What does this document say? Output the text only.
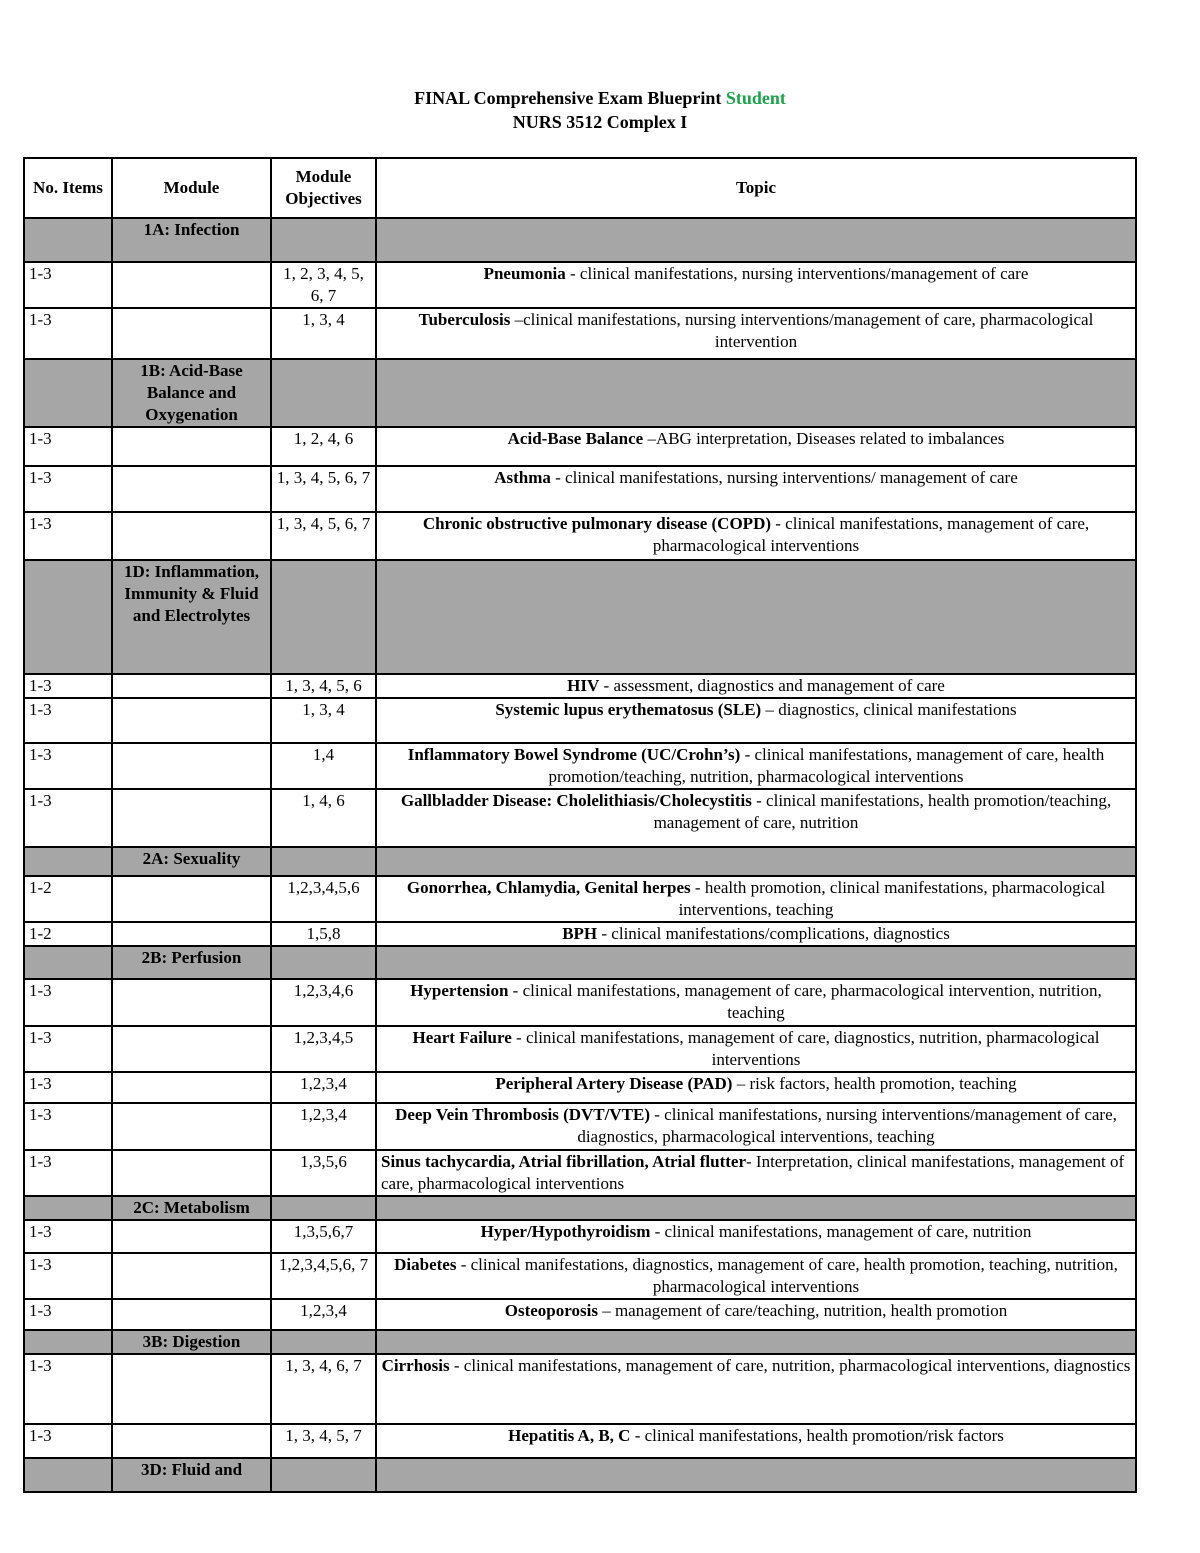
FINAL Comprehensive Exam Blueprint Student
NURS 3512 Complex I
No. Items	Module	Module Objectives	Topic
	1A: Infection		
1-3		1, 2, 3, 4, 5, 6, 7	Pneumonia - clinical manifestations, nursing interventions/management of care
1-3		1, 3, 4	Tuberculosis –clinical manifestations, nursing interventions/management of care, pharmacological intervention
	1B: Acid-Base Balance and Oxygenation		
1-3		1, 2, 4, 6	Acid-Base Balance –ABG interpretation, Diseases related to imbalances
1-3		1, 3, 4, 5, 6, 7	Asthma - clinical manifestations, nursing interventions/ management of care
1-3		1, 3, 4, 5, 6, 7	Chronic obstructive pulmonary disease (COPD) - clinical manifestations, management of care, pharmacological interventions
	1D: Inflammation, Immunity & Fluid and Electrolytes		
1-3		1, 3, 4, 5, 6	HIV - assessment, diagnostics and management of care
1-3		1, 3, 4	Systemic lupus erythematosus (SLE) – diagnostics, clinical manifestations
1-3		1,4	Inflammatory Bowel Syndrome (UC/Crohn’s) - clinical manifestations, management of care, health promotion/teaching, nutrition, pharmacological interventions
1-3		1, 4, 6	Gallbladder Disease: Cholelithiasis/Cholecystitis - clinical manifestations, health promotion/teaching, management of care, nutrition
	2A: Sexuality		
1-2		1,2,3,4,5,6	Gonorrhea, Chlamydia, Genital herpes - health promotion, clinical manifestations, pharmacological interventions, teaching
1-2		1,5,8	BPH - clinical manifestations/complications, diagnostics
	2B: Perfusion		
1-3		1,2,3,4,6	Hypertension - clinical manifestations, management of care, pharmacological intervention, nutrition, teaching
1-3		1,2,3,4,5	Heart Failure - clinical manifestations, management of care, diagnostics, nutrition, pharmacological interventions
1-3		1,2,3,4	Peripheral Artery Disease (PAD) – risk factors, health promotion, teaching
1-3		1,2,3,4	Deep Vein Thrombosis (DVT/VTE) - clinical manifestations, nursing interventions/management of care, diagnostics, pharmacological interventions, teaching
1-3		1,3,5,6	Sinus tachycardia, Atrial fibrillation, Atrial flutter- Interpretation, clinical manifestations, management of care, pharmacological interventions
	2C: Metabolism		
1-3		1,3,5,6,7	Hyper/Hypothyroidism - clinical manifestations, management of care, nutrition
1-3		1,2,3,4,5,6, 7	Diabetes - clinical manifestations, diagnostics, management of care, health promotion, teaching, nutrition, pharmacological interventions
1-3		1,2,3,4	Osteoporosis – management of care/teaching, nutrition, health promotion
	3B: Digestion		
1-3		1, 3, 4, 6, 7	Cirrhosis - clinical manifestations, management of care, nutrition, pharmacological interventions, diagnostics
1-3		1, 3, 4, 5, 7	Hepatitis A, B, C - clinical manifestations, health promotion/risk factors
	3D: Fluid and		
